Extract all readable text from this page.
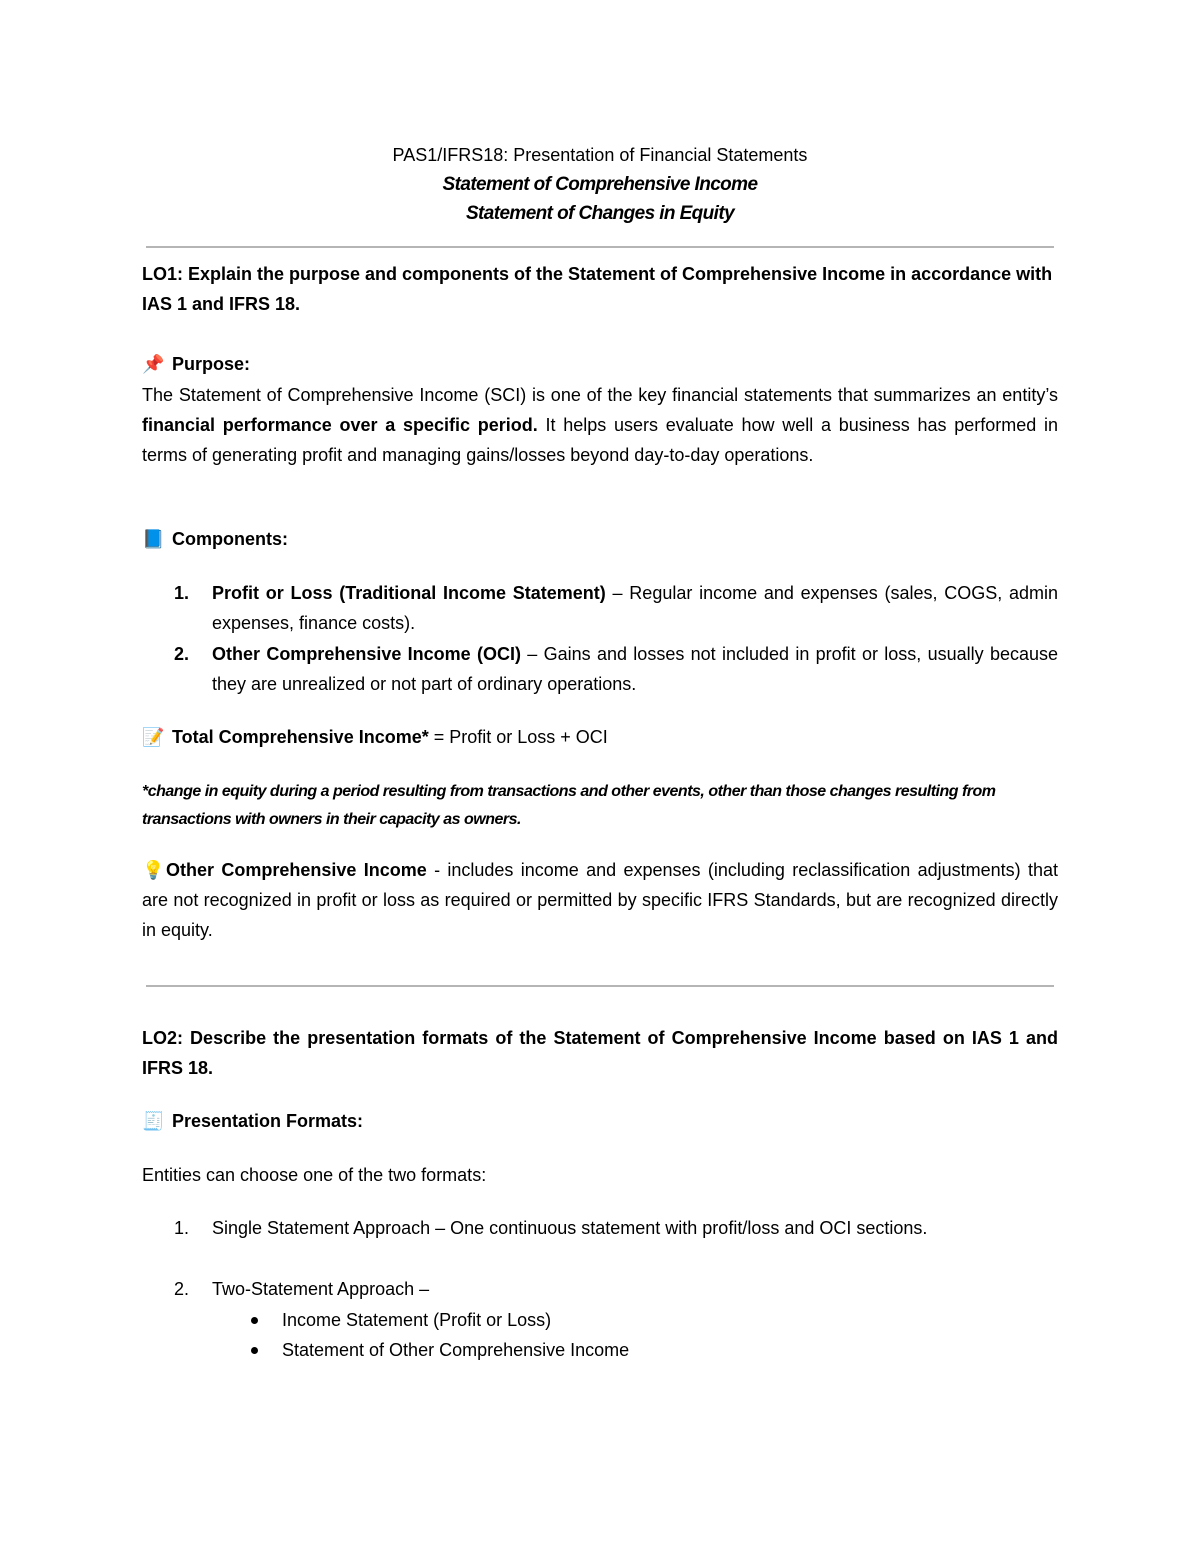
PAS1/IFRS18: Presentation of Financial Statements

Statement of Comprehensive Income

Statement of Changes in Equity

LO1: Explain the purpose and components of the Statement of Comprehensive Income in accordance with IAS 1 and IFRS 18.

📌 Purpose:

The Statement of Comprehensive Income (SCI) is one of the key financial statements that summarizes an entity’s financial performance over a specific period. It helps users evaluate how well a business has performed in terms of generating profit and managing gains/losses beyond day-to-day operations.

📘 Components:

1.	Profit or Loss (Traditional Income Statement) – Regular income and expenses (sales, COGS, admin expenses, finance costs).
2.	Other Comprehensive Income (OCI) – Gains and losses not included in profit or loss, usually because they are unrealized or not part of ordinary operations.

📝 Total Comprehensive Income* = Profit or Loss + OCI

*change in equity during a period resulting from transactions and other events, other than those changes resulting from transactions with owners in their capacity as owners.

💡Other Comprehensive Income - includes income and expenses (including reclassification adjustments) that are not recognized in profit or loss as required or permitted by specific IFRS Standards, but are recognized directly in equity.

LO2: Describe the presentation formats of the Statement of Comprehensive Income based on IAS 1 and IFRS 18.

🧾 Presentation Formats:

Entities can choose one of the two formats:

1.	Single Statement Approach – One continuous statement with profit/loss and OCI sections.
2.	Two-Statement Approach –
Income Statement (Profit or Loss)
Statement of Other Comprehensive Income
